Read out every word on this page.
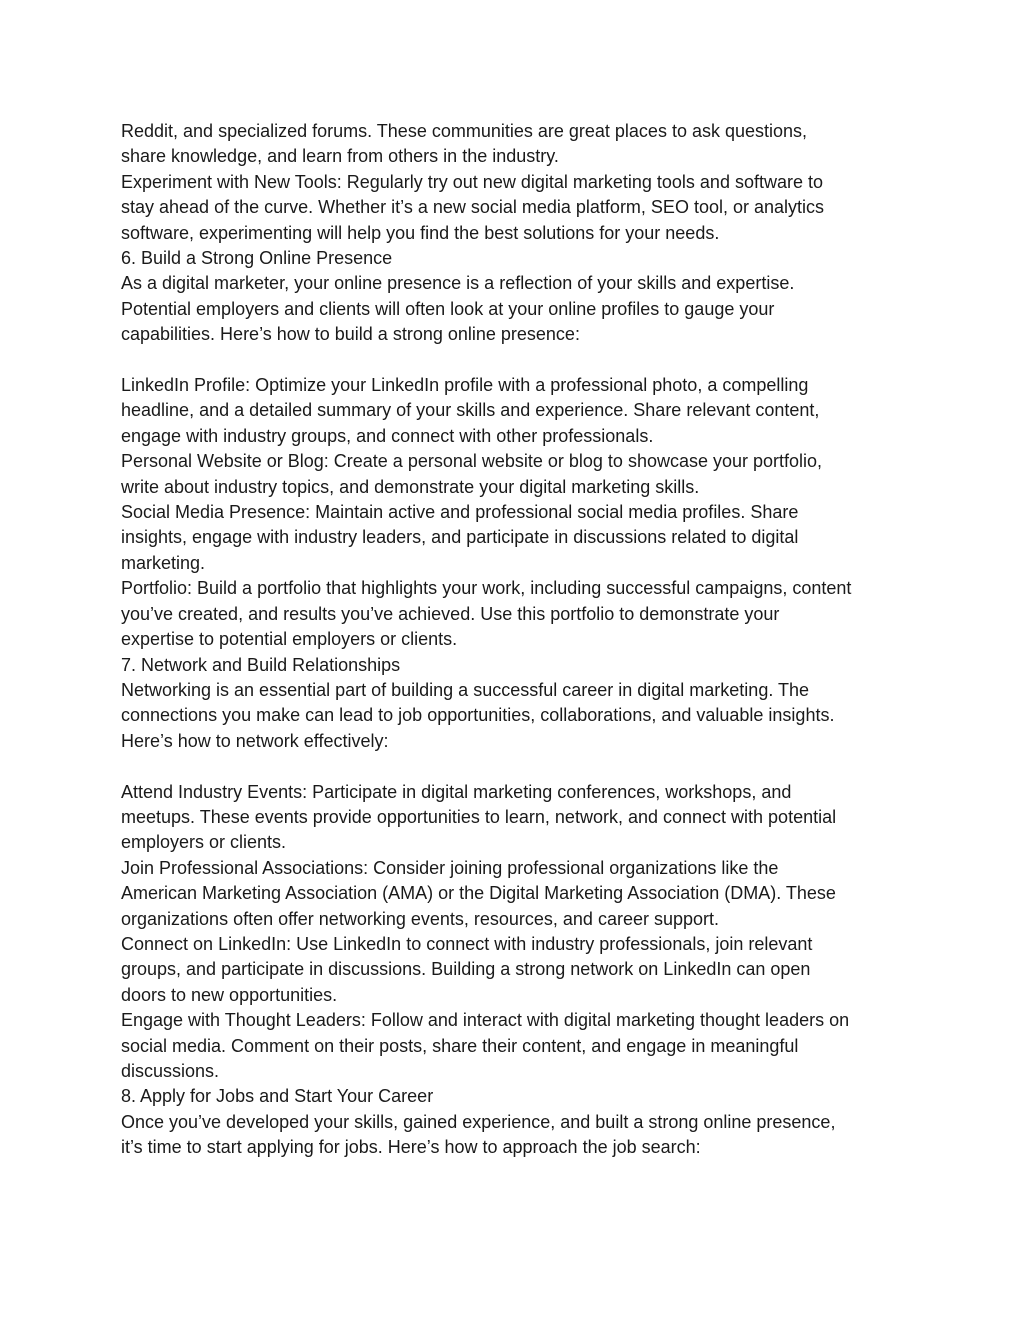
Reddit, and specialized forums. These communities are great places to ask questions,

share knowledge, and learn from others in the industry.

Experiment with New Tools: Regularly try out new digital marketing tools and software to

stay ahead of the curve. Whether it’s a new social media platform, SEO tool, or analytics

software, experimenting will help you find the best solutions for your needs.

6. Build a Strong Online Presence

As a digital marketer, your online presence is a reflection of your skills and expertise.

Potential employers and clients will often look at your online profiles to gauge your

capabilities. Here’s how to build a strong online presence:

LinkedIn Profile: Optimize your LinkedIn profile with a professional photo, a compelling

headline, and a detailed summary of your skills and experience. Share relevant content,

engage with industry groups, and connect with other professionals.

Personal Website or Blog: Create a personal website or blog to showcase your portfolio,

write about industry topics, and demonstrate your digital marketing skills.

Social Media Presence: Maintain active and professional social media profiles. Share

insights, engage with industry leaders, and participate in discussions related to digital

marketing.

Portfolio: Build a portfolio that highlights your work, including successful campaigns, content

you’ve created, and results you’ve achieved. Use this portfolio to demonstrate your

expertise to potential employers or clients.

7. Network and Build Relationships

Networking is an essential part of building a successful career in digital marketing. The

connections you make can lead to job opportunities, collaborations, and valuable insights.

Here’s how to network effectively:

Attend Industry Events: Participate in digital marketing conferences, workshops, and

meetups. These events provide opportunities to learn, network, and connect with potential

employers or clients.

Join Professional Associations: Consider joining professional organizations like the

American Marketing Association (AMA) or the Digital Marketing Association (DMA). These

organizations often offer networking events, resources, and career support.

Connect on LinkedIn: Use LinkedIn to connect with industry professionals, join relevant

groups, and participate in discussions. Building a strong network on LinkedIn can open

doors to new opportunities.

Engage with Thought Leaders: Follow and interact with digital marketing thought leaders on

social media. Comment on their posts, share their content, and engage in meaningful

discussions.

8. Apply for Jobs and Start Your Career

Once you’ve developed your skills, gained experience, and built a strong online presence,

it’s time to start applying for jobs. Here’s how to approach the job search:
